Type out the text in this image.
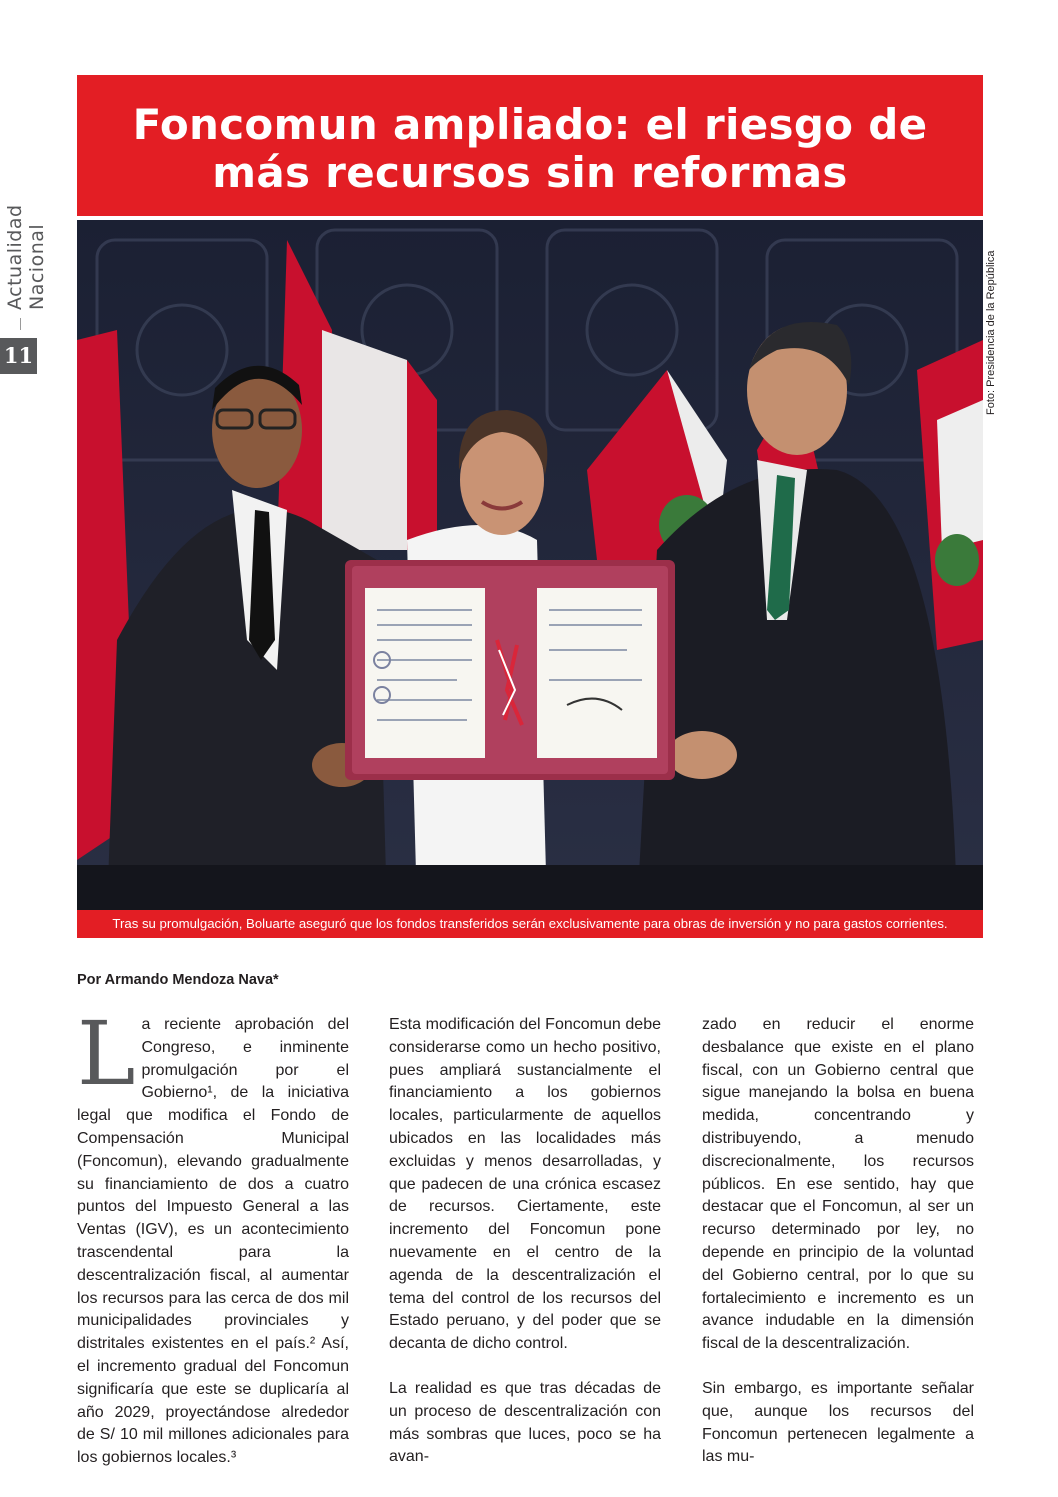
Actualidad Nacional
11
Foncomun ampliado: el riesgo de
más recursos sin reformas
Foto: Presidencia de la República
Tras su promulgación, Boluarte aseguró que los fondos transferidos serán exclusivamente para obras de inversión y no para gastos corrientes.
Por Armando Mendoza Nava*

La reciente aprobación del Congreso, e inminente promulgación por el Gobierno¹, de la iniciativa legal que modifica el Fondo de Compensación Municipal (Foncomun), elevando gradualmente su financiamiento de dos a cuatro puntos del Impuesto General a las Ventas (IGV), es un acontecimiento trascendental para la descentralización fiscal, al aumentar los recursos para las cerca de dos mil municipalidades provinciales y distritales existentes en el país.² Así, el incremento gradual del Foncomun significaría que este se duplicaría al año 2029, proyectándose alrededor de S/ 10 mil millones adicionales para los gobiernos locales.³

Esta modificación del Foncomun debe considerarse como un hecho positivo, pues ampliará sustancialmente el financiamiento a los gobiernos locales, particularmente de aquellos ubicados en las localidades más excluidas y menos desarrolladas, y que padecen de una crónica escasez de recursos. Ciertamente, este incremento del Foncomun pone nuevamente en el centro de la agenda de la descentralización el tema del control de los recursos del Estado peruano, y del poder que se decanta de dicho control.

La realidad es que tras décadas de un proceso de descentralización con más sombras que luces, poco se ha avan-

zado en reducir el enorme desbalance que existe en el plano fiscal, con un Gobierno central que sigue manejando la bolsa en buena medida, concentrando y distribuyendo, a menudo discrecionalmente, los recursos públicos. En ese sentido, hay que destacar que el Foncomun, al ser un recurso determinado por ley, no depende en principio de la voluntad del Gobierno central, por lo que su fortalecimiento e incremento es un avance indudable en la dimensión fiscal de la descentralización.

Sin embargo, es importante señalar que, aunque los recursos del Foncomun pertenecen legalmente a las mu-
